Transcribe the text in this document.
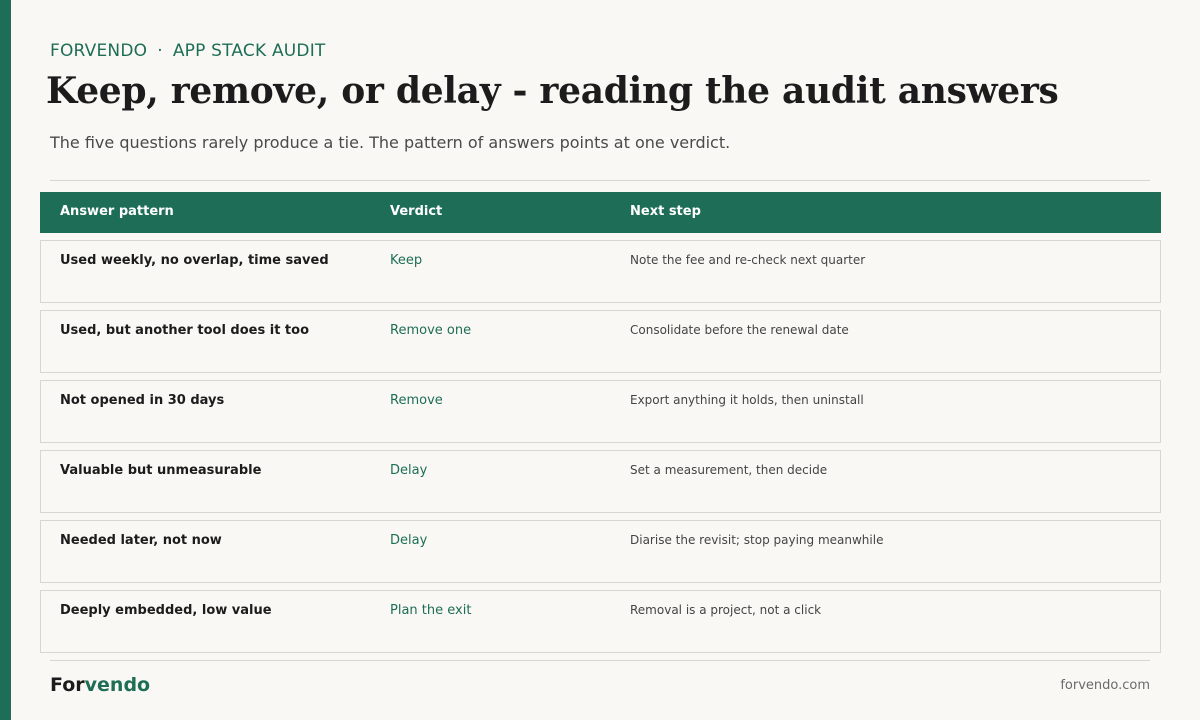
FORVENDO · APP STACK AUDIT
Keep, remove, or delay - reading the audit answers

The five questions rarely produce a tie. The pattern of answers points at one verdict.

Answer pattern	Verdict	Next step
Used weekly, no overlap, time saved	Keep	Note the fee and re-check next quarter
Used, but another tool does it too	Remove one	Consolidate before the renewal date
Not opened in 30 days	Remove	Export anything it holds, then uninstall
Valuable but unmeasurable	Delay	Set a measurement, then decide
Needed later, not now	Delay	Diarise the revisit; stop paying meanwhile
Deeply embedded, low value	Plan the exit	Removal is a project, not a click
Forvendo	forvendo.com
